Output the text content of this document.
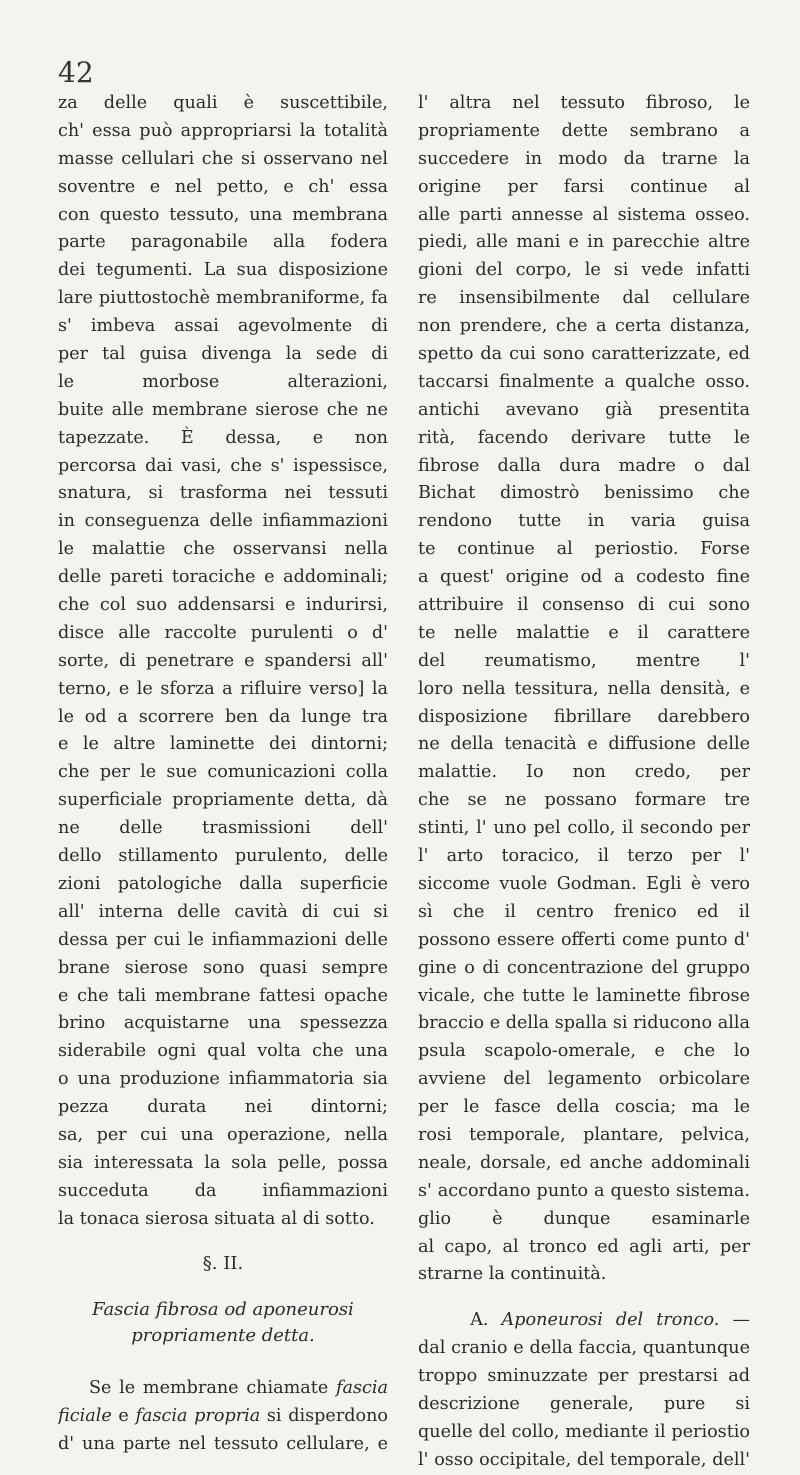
42
za delle quali è suscettibile,
ch' essa può appropriarsi la totalità
masse cellulari che si osservano nel
soventre e nel petto, e ch' essa
con questo tessuto, una membrana
parte paragonabile alla fodera
dei tegumenti. La sua disposizione
lare piuttostochè membraniforme, fa
s' imbeva assai agevolmente di
per tal guisa divenga la sede di
le morbose alterazioni,
buite alle membrane sierose che ne
tapezzate. È dessa, e non
percorsa dai vasi, che s' ispessisce,
snatura, si trasforma nei tessuti
in conseguenza delle infiammazioni
le malattie che osservansi nella
delle pareti toraciche e addominali;
che col suo addensarsi e indurirsi,
disce alle raccolte purulenti o d'
sorte, di penetrare e spandersi all'
terno, e le sforza a rifluire verso] la
le od a scorrere ben da lunge tra
e le altre laminette dei dintorni;
che per le sue comunicazioni colla
superficiale propriamente detta, dà
ne delle trasmissioni dell'
dello stillamento purulento, delle
zioni patologiche dalla superficie
all' interna delle cavità di cui si
dessa per cui le infiammazioni delle
brane sierose sono quasi sempre
e che tali membrane fattesi opache
brino acquistarne una spessezza
siderabile ogni qual volta che una
o una produzione infiammatoria sia
pezza durata nei dintorni;
sa, per cui una operazione, nella
sia interessata la sola pelle, possa
succeduta da infiammazioni
la tonaca sierosa situata al di sotto.
§. II.
Fascia fibrosa od aponeurosi
propriamente detta.
Se le membrane chiamate fascia
ficiale e fascia propria si disperdono
d' una parte nel tessuto cellulare, e
l' altra nel tessuto fibroso, le
propriamente dette sembrano a
succedere in modo da trarne la
origine per farsi continue al
alle parti annesse al sistema osseo.
piedi, alle mani e in parecchie altre
gioni del corpo, le si vede infatti
re insensibilmente dal cellulare
non prendere, che a certa distanza,
spetto da cui sono caratterizzate, ed
taccarsi finalmente a qualche osso.
antichi avevano già presentita
rità, facendo derivare tutte le
fibrose dalla dura madre o dal
Bichat dimostrò benissimo che
rendono tutte in varia guisa
te continue al periostio. Forse
a quest' origine od a codesto fine
attribuire il consenso di cui sono
te nelle malattie e il carattere
del reumatismo, mentre l'
loro nella tessitura, nella densità, e
disposizione fibrillare darebbero
ne della tenacità e diffusione delle
malattie. Io non credo, per
che se ne possano formare tre
stinti, l' uno pel collo, il secondo per
l' arto toracico, il terzo per l'
siccome vuole Godman. Egli è vero
sì che il centro frenico ed il
possono essere offerti come punto d'
gine o di concentrazione del gruppo
vicale, che tutte le laminette fibrose
braccio e della spalla si riducono alla
psula scapolo-omerale, e che lo
avviene del legamento orbicolare
per le fasce della coscia; ma le
rosi temporale, plantare, pelvica,
neale, dorsale, ed anche addominali
s' accordano punto a questo sistema.
glio è dunque esaminarle
al capo, al tronco ed agli arti, per
strarne la continuità.
A. Aponeurosi del tronco. —
dal cranio e della faccia, quantunque
troppo sminuzzate per prestarsi ad
descrizione generale, pure si
quelle del collo, mediante il periostio
l' osso occipitale, del temporale, dell'
